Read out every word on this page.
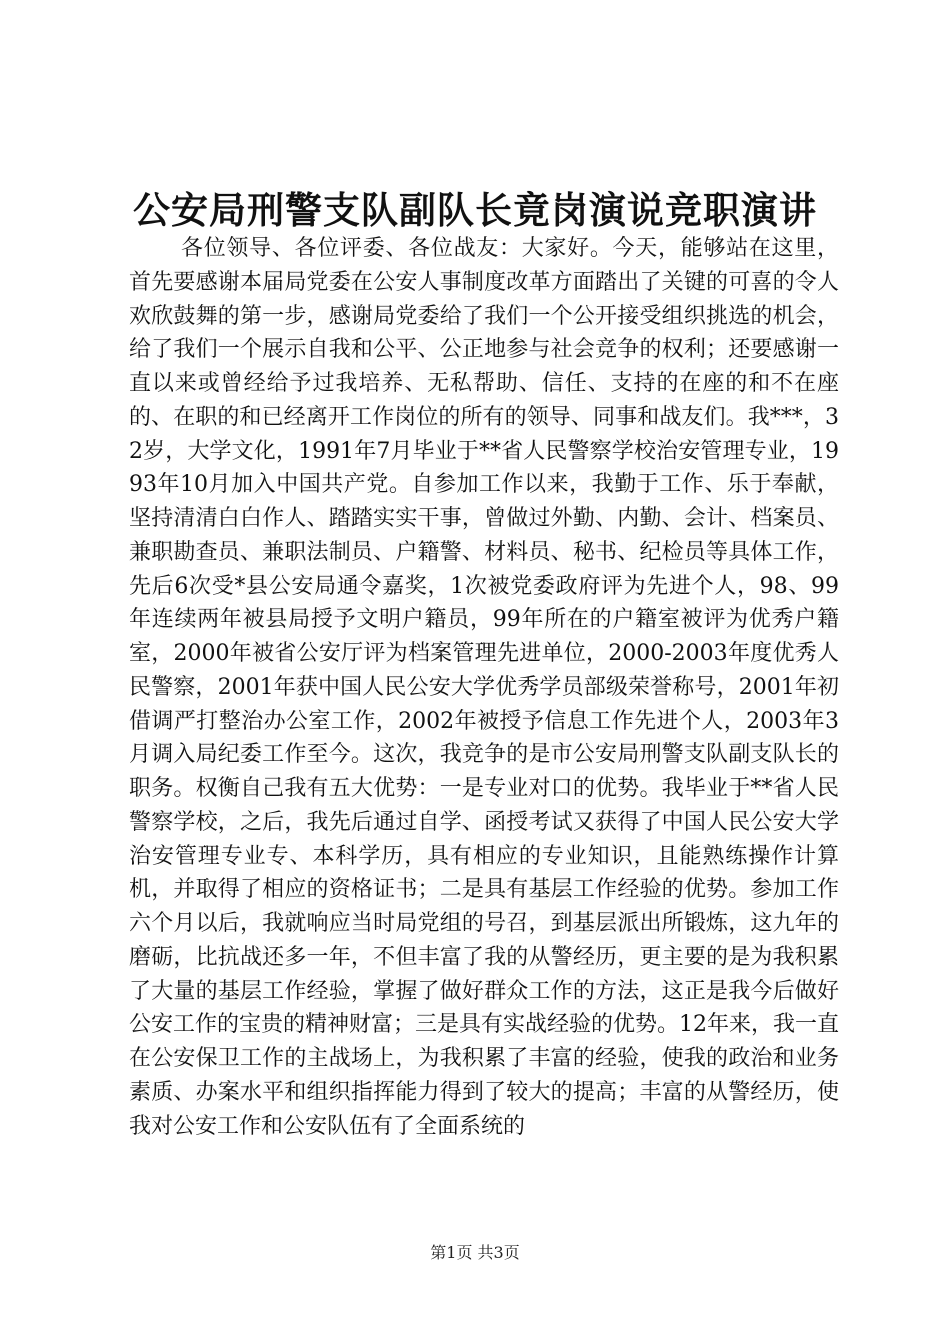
公安局刑警支队副队长竟岗演说竞职演讲

各位领导、各位评委、各位战友：大家好。今天，能够站在这里，首先要感谢本届局党委在公安人事制度改革方面踏出了关键的可喜的令人欢欣鼓舞的第一步，感谢局党委给了我们一个公开接受组织挑选的机会，给了我们一个展示自我和公平、公正地参与社会竞争的权利；还要感谢一直以来或曾经给予过我培养、无私帮助、信任、支持的在座的和不在座的、在职的和已经离开工作岗位的所有的领导、同事和战友们。我***，32岁，大学文化，1991年7月毕业于**省人民警察学校治安管理专业，1993年10月加入中国共产党。自参加工作以来，我勤于工作、乐于奉献，坚持清清白白作人、踏踏实实干事，曾做过外勤、内勤、会计、档案员、兼职勘查员、兼职法制员、户籍警、材料员、秘书、纪检员等具体工作，先后6次受*县公安局通令嘉奖，1次被党委政府评为先进个人，98、99年连续两年被县局授予文明户籍员，99年所在的户籍室被评为优秀户籍室，2000年被省公安厅评为档案管理先进单位，2000-2003年度优秀人民警察，2001年获中国人民公安大学优秀学员部级荣誉称号，2001年初借调严打整治办公室工作，2002年被授予信息工作先进个人，2003年3月调入局纪委工作至今。这次，我竞争的是市公安局刑警支队副支队长的职务。权衡自己我有五大优势：一是专业对口的优势。我毕业于**省人民警察学校，之后，我先后通过自学、函授考试又获得了中国人民公安大学治安管理专业专、本科学历，具有相应的专业知识，且能熟练操作计算机，并取得了相应的资格证书；二是具有基层工作经验的优势。参加工作六个月以后，我就响应当时局党组的号召，到基层派出所锻炼，这九年的磨砺，比抗战还多一年，不但丰富了我的从警经历，更主要的是为我积累了大量的基层工作经验，掌握了做好群众工作的方法，这正是我今后做好公安工作的宝贵的精神财富；三是具有实战经验的优势。12年来，我一直在公安保卫工作的主战场上，为我积累了丰富的经验，使我的政治和业务素质、办案水平和组织指挥能力得到了较大的提高；丰富的从警经历，使我对公安工作和公安队伍有了全面系统的

第1页 共3页
